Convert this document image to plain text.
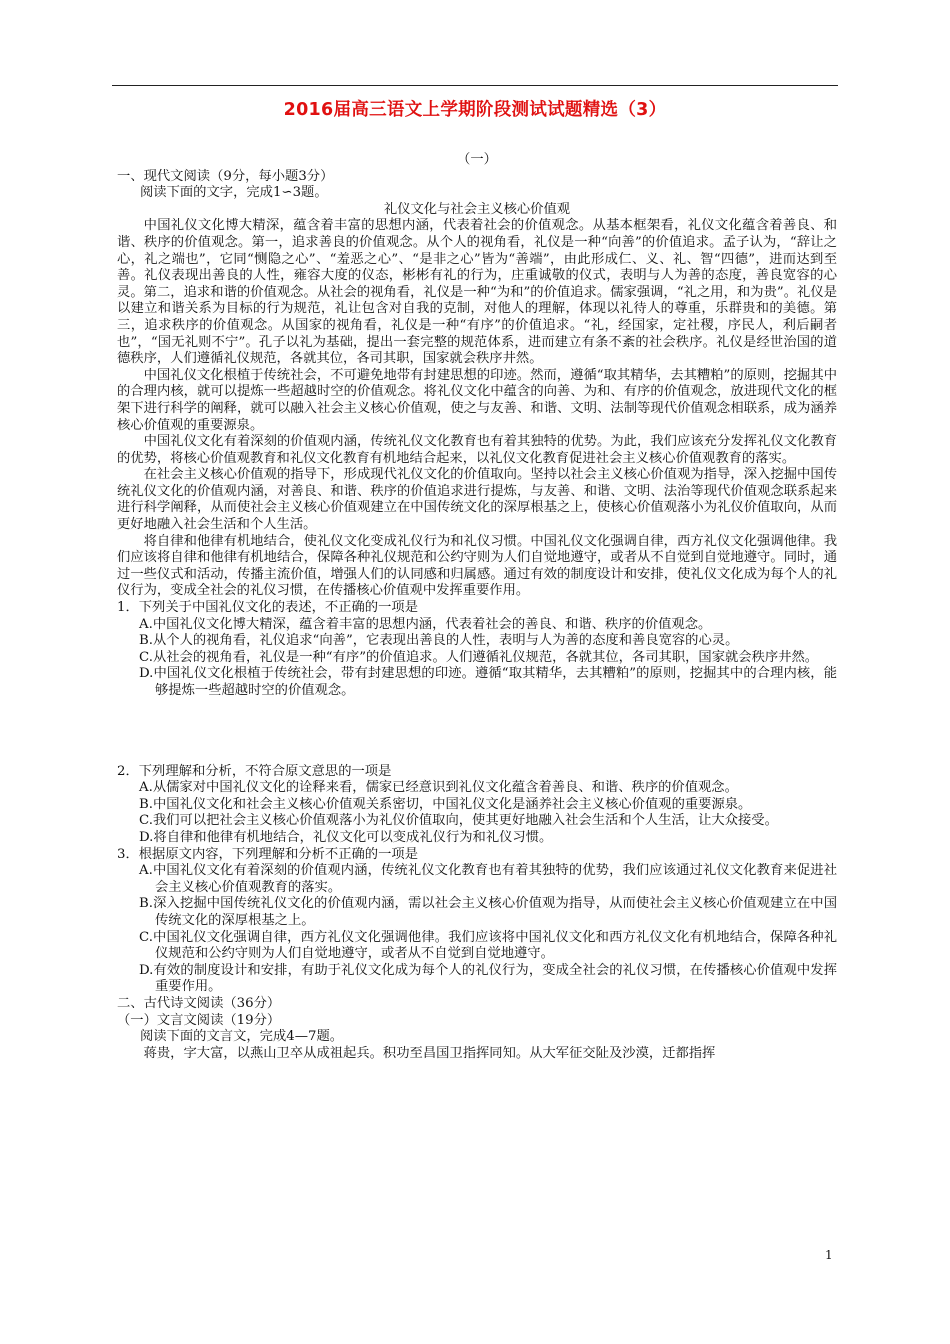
2016届高三语文上学期阶段测试试题精选（3）

（一）

一、现代文阅读（9分，每小题3分）

阅读下面的文字，完成1∽3题。

礼仪文化与社会主义核心价值观

中国礼仪文化博大精深，蕴含着丰富的思想内涵，代表着社会的价值观念。从基本框架看，礼仪文化蕴含着善良、和谐、秩序的价值观念。第一，追求善良的价值观念。从个人的视角看，礼仪是一种“向善”的价值追求。孟子认为，“辞让之心，礼之端也”，它同“恻隐之心”、“羞恶之心”、“是非之心”皆为“善端”，由此形成仁、义、礼、智“四德”，进而达到至善。礼仪表现出善良的人性，雍容大度的仪态，彬彬有礼的行为，庄重诚敬的仪式，表明与人为善的态度，善良宽容的心灵。第二，追求和谐的价值观念。从社会的视角看，礼仪是一种“为和”的价值追求。儒家强调，“礼之用，和为贵”。礼仪是以建立和谐关系为目标的行为规范，礼让包含对自我的克制，对他人的理解，体现以礼待人的尊重，乐群贵和的美德。第三，追求秩序的价值观念。从国家的视角看，礼仪是一种“有序”的价值追求。“礼，经国家，定社稷，序民人，利后嗣者也”，“国无礼则不宁”。孔子以礼为基础，提出一套完整的规范体系，进而建立有条不紊的社会秩序。礼仪是经世治国的道德秩序，人们遵循礼仪规范，各就其位，各司其职，国家就会秩序井然。

中国礼仪文化根植于传统社会，不可避免地带有封建思想的印迹。然而，遵循“取其精华，去其糟粕”的原则，挖掘其中的合理内核，就可以提炼一些超越时空的价值观念。将礼仪文化中蕴含的向善、为和、有序的价值观念，放进现代文化的框架下进行科学的阐释，就可以融入社会主义核心价值观，使之与友善、和谐、文明、法制等现代价值观念相联系，成为涵养核心价值观的重要源泉。

中国礼仪文化有着深刻的价值观内涵，传统礼仪文化教育也有着其独特的优势。为此，我们应该充分发挥礼仪文化教育的优势，将核心价值观教育和礼仪文化教育有机地结合起来，以礼仪文化教育促进社会主义核心价值观教育的落实。

在社会主义核心价值观的指导下，形成现代礼仪文化的价值取向。坚持以社会主义核心价值观为指导，深入挖掘中国传统礼仪文化的价值观内涵，对善良、和谐、秩序的价值追求进行提炼，与友善、和谐、文明、法治等现代价值观念联系起来进行科学阐释，从而使社会主义核心价值观建立在中国传统文化的深厚根基之上，使核心价值观落小为礼仪价值取向，从而更好地融入社会生活和个人生活。

将自律和他律有机地结合，使礼仪文化变成礼仪行为和礼仪习惯。中国礼仪文化强调自律，西方礼仪文化强调他律。我们应该将自律和他律有机地结合，保障各种礼仪规范和公约守则为人们自觉地遵守，或者从不自觉到自觉地遵守。同时，通过一些仪式和活动，传播主流价值，增强人们的认同感和归属感。通过有效的制度设计和安排，使礼仪文化成为每个人的礼仪行为，变成全社会的礼仪习惯，在传播核心价值观中发挥重要作用。

1．下列关于中国礼仪文化的表述，不正确的一项是

A.中国礼仪文化博大精深，蕴含着丰富的思想内涵，代表着社会的善良、和谐、秩序的价值观念。

B.从个人的视角看，礼仪追求“向善”，它表现出善良的人性，表明与人为善的态度和善良宽容的心灵。

C.从社会的视角看，礼仪是一种“有序”的价值追求。人们遵循礼仪规范，各就其位，各司其职，国家就会秩序井然。

D.中国礼仪文化根植于传统社会，带有封建思想的印迹。遵循“取其精华，去其糟粕”的原则，挖掘其中的合理内核，能够提炼一些超越时空的价值观念。

2．下列理解和分析，不符合原文意思的一项是

A.从儒家对中国礼仪文化的诠释来看，儒家已经意识到礼仪文化蕴含着善良、和谐、秩序的价值观念。

B.中国礼仪文化和社会主义核心价值观关系密切，中国礼仪文化是涵养社会主义核心价值观的重要源泉。

C.我们可以把社会主义核心价值观落小为礼仪价值取向，使其更好地融入社会生活和个人生活，让大众接受。

D.将自律和他律有机地结合，礼仪文化可以变成礼仪行为和礼仪习惯。

3．根据原文内容，下列理解和分析不正确的一项是

A.中国礼仪文化有着深刻的价值观内涵，传统礼仪文化教育也有着其独特的优势，我们应该通过礼仪文化教育来促进社会主义核心价值观教育的落实。

B.深入挖掘中国传统礼仪文化的价值观内涵，需以社会主义核心价值观为指导，从而使社会主义核心价值观建立在中国传统文化的深厚根基之上。

C.中国礼仪文化强调自律，西方礼仪文化强调他律。我们应该将中国礼仪文化和西方礼仪文化有机地结合，保障各种礼仪规范和公约守则为人们自觉地遵守，或者从不自觉到自觉地遵守。

D.有效的制度设计和安排，有助于礼仪文化成为每个人的礼仪行为，变成全社会的礼仪习惯，在传播核心价值观中发挥重要作用。

二、古代诗文阅读（36分）

（一）文言文阅读（19分）

阅读下面的文言文，完成4—7题。

蒋贵，字大富，以燕山卫卒从成祖起兵。积功至昌国卫指挥同知。从大军征交阯及沙漠，迁都指挥

1
